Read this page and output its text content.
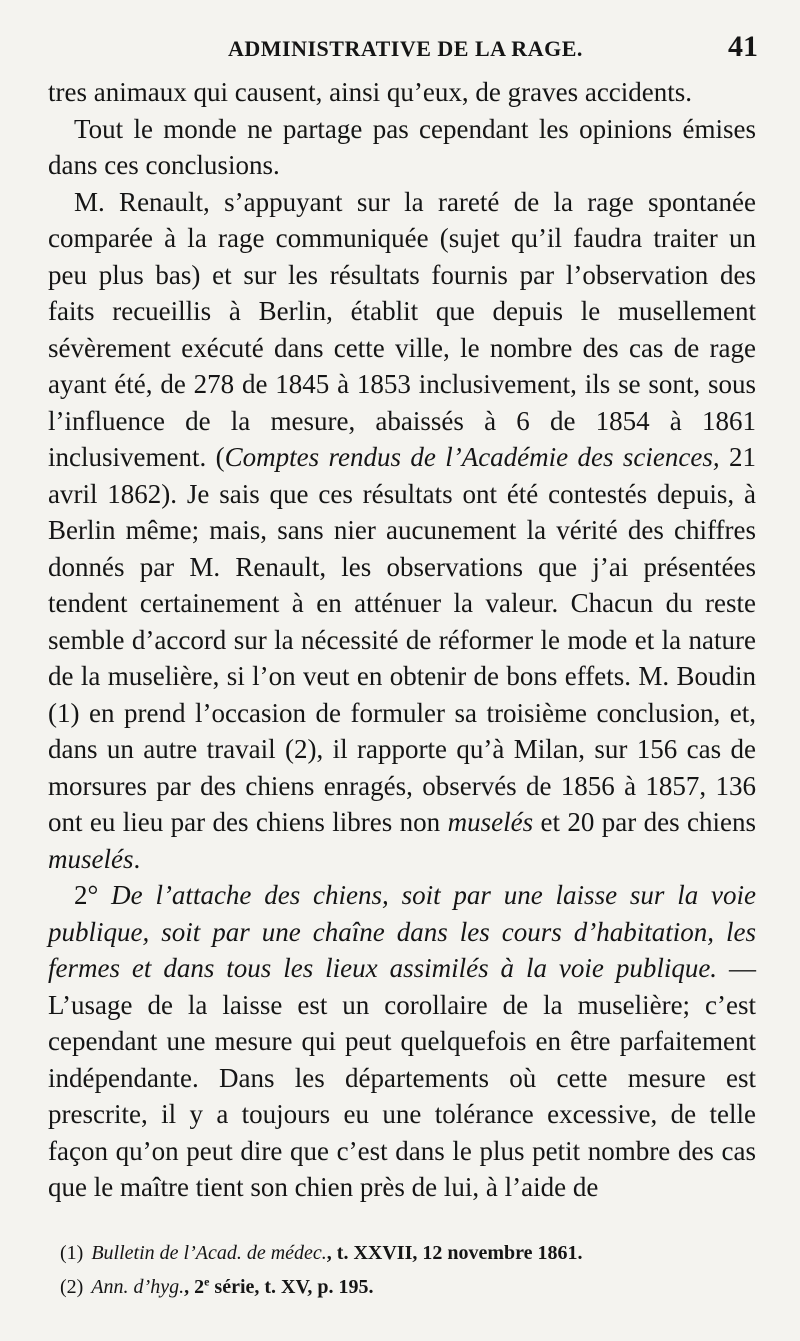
ADMINISTRATIVE DE LA RAGE.	41

tres animaux qui causent, ainsi qu’eux, de graves accidents.

Tout le monde ne partage pas cependant les opinions émises dans ces conclusions.

M. Renault, s’appuyant sur la rareté de la rage spontanée comparée à la rage communiquée (sujet qu’il faudra traiter un peu plus bas) et sur les résultats fournis par l’observation des faits recueillis à Berlin, établit que depuis le musellement sévèrement exécuté dans cette ville, le nombre des cas de rage ayant été, de 278 de 1845 à 1853 inclusivement, ils se sont, sous l’influence de la mesure, abaissés à 6 de 1854 à 1861 inclusivement. (Comptes rendus de l’Académie des sciences, 21 avril 1862). Je sais que ces résultats ont été contestés depuis, à Berlin même; mais, sans nier aucunement la vérité des chiffres donnés par M. Renault, les observations que j’ai présentées tendent certainement à en atténuer la valeur. Chacun du reste semble d’accord sur la nécessité de réformer le mode et la nature de la muselière, si l’on veut en obtenir de bons effets. M. Boudin (1) en prend l’occasion de formuler sa troisième conclusion, et, dans un autre travail (2), il rapporte qu’à Milan, sur 156 cas de morsures par des chiens enragés, observés de 1856 à 1857, 136 ont eu lieu par des chiens libres non muselés et 20 par des chiens muselés.

2° De l’attache des chiens, soit par une laisse sur la voie publique, soit par une chaîne dans les cours d’habitation, les fermes et dans tous les lieux assimilés à la voie publique. — L’usage de la laisse est un corollaire de la muselière; c’est cependant une mesure qui peut quelquefois en être parfaitement indépendante. Dans les départements où cette mesure est prescrite, il y a toujours eu une tolérance excessive, de telle façon qu’on peut dire que c’est dans le plus petit nombre des cas que le maître tient son chien près de lui, à l’aide de

(1) Bulletin de l’Acad. de médec., t. XXVII, 12 novembre 1861.
(2) Ann. d’hyg., 2e série, t. XV, p. 195.
